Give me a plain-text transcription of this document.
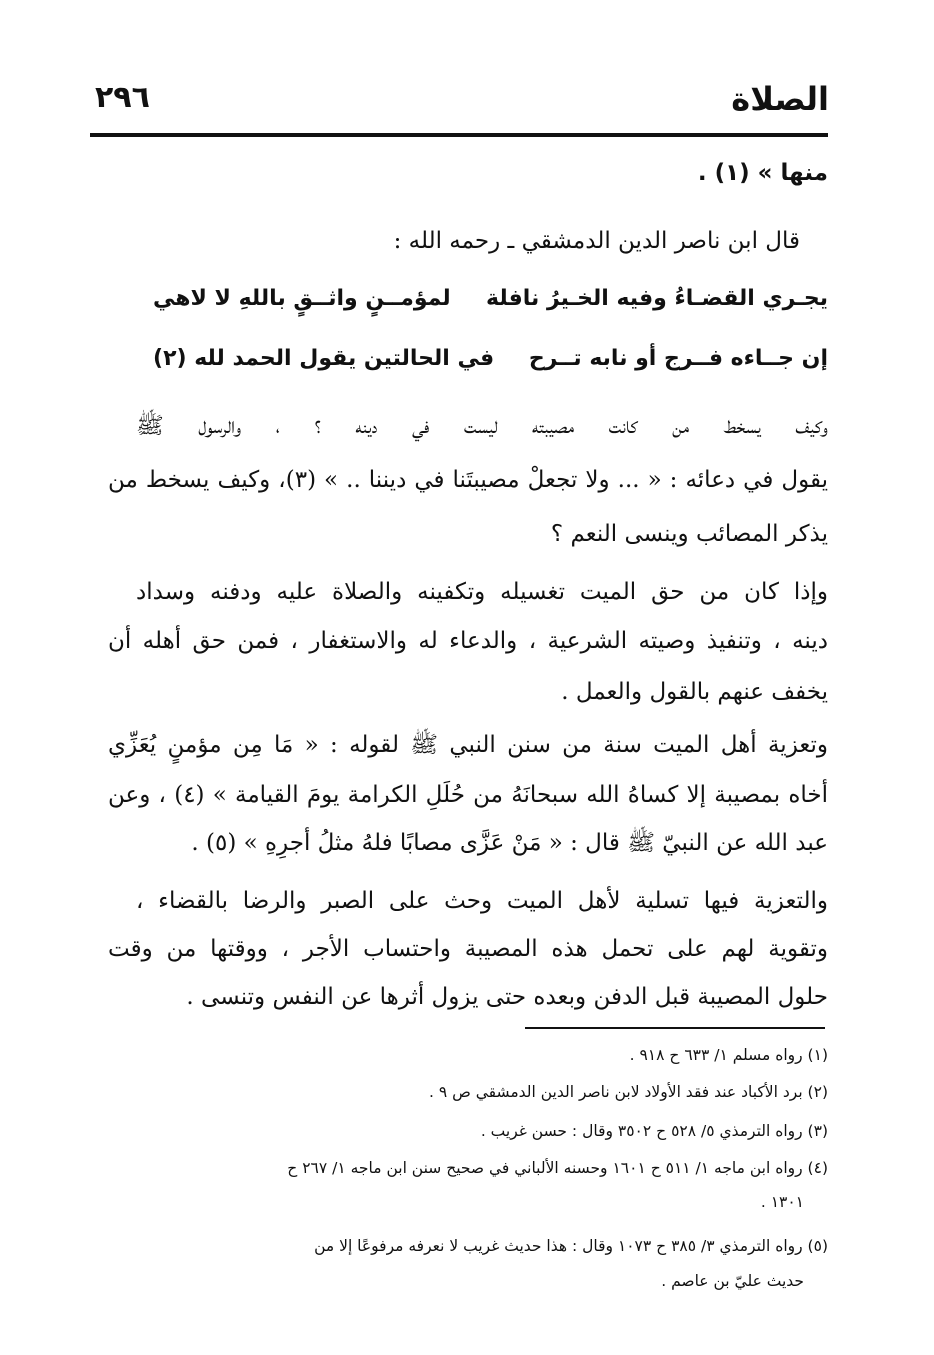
الصلاة
٢٩٦
منها » (١) .
قال ابن ناصر الدين الدمشقي ـ رحمه الله :
يجـري القضـاءُ وفيه الخـيرُ نافلة
لمؤمــنٍ واثــقٍ باللهِ لا لاهي
إن جــاءه فــرج أو نابه تــرح
في الحالتين يقول الحمد لله (٢)
وكيف يسخط من كانت مصيبته ليست في دينه ؟ ، والرسول ﷺ
يقول في دعائه : « ... ولا تجعلْ مصيبتَنا في ديننا .. » (٣)، وكيف يسخط من
يذكر المصائب وينسى النعم ؟
وإذا كان من حق الميت تغسيله وتكفينه والصلاة عليه ودفنه وسداد
دينه ، وتنفيذ وصيته الشرعية ، والدعاء له والاستغفار ، فمن حق أهله أن
يخفف عنهم بالقول والعمل .
وتعزية أهل الميت سنة من سنن النبي ﷺ لقوله : « مَا مِن مؤمنٍ يُعَزِّي
أخاه بمصيبة إلا كساهُ الله سبحانَهُ من حُلَلِ الكرامة يومَ القيامة » (٤) ، وعن
عبد الله عن النبيّ ﷺ قال : « مَنْ عَزَّى مصابًا فلهُ مثلُ أجرِهِ » (٥) .
والتعزية فيها تسلية لأهل الميت وحث على الصبر والرضا بالقضاء ،
وتقوية لهم على تحمل هذه المصيبة واحتساب الأجر ، ووقتها من وقت
حلول المصيبة قبل الدفن وبعده حتى يزول أثرها عن النفس وتنسى .
(١) رواه مسلم ١/ ٦٣٣ ح ٩١٨ .
(٢) برد الأكباد عند فقد الأولاد لابن ناصر الدين الدمشقي ص ٩ .
(٣) رواه الترمذي ٥/ ٥٢٨ ح ٣٥٠٢ وقال : حسن غريب .
(٤) رواه ابن ماجه ١/ ٥١١ ح ١٦٠١ وحسنه الألباني في صحيح سنن ابن ماجه ١/ ٢٦٧ ح
١٣٠١ .
(٥) رواه الترمذي ٣/ ٣٨٥ ح ١٠٧٣ وقال : هذا حديث غريب لا نعرفه مرفوعًا إلا من
حديث عليّ بن عاصم .
